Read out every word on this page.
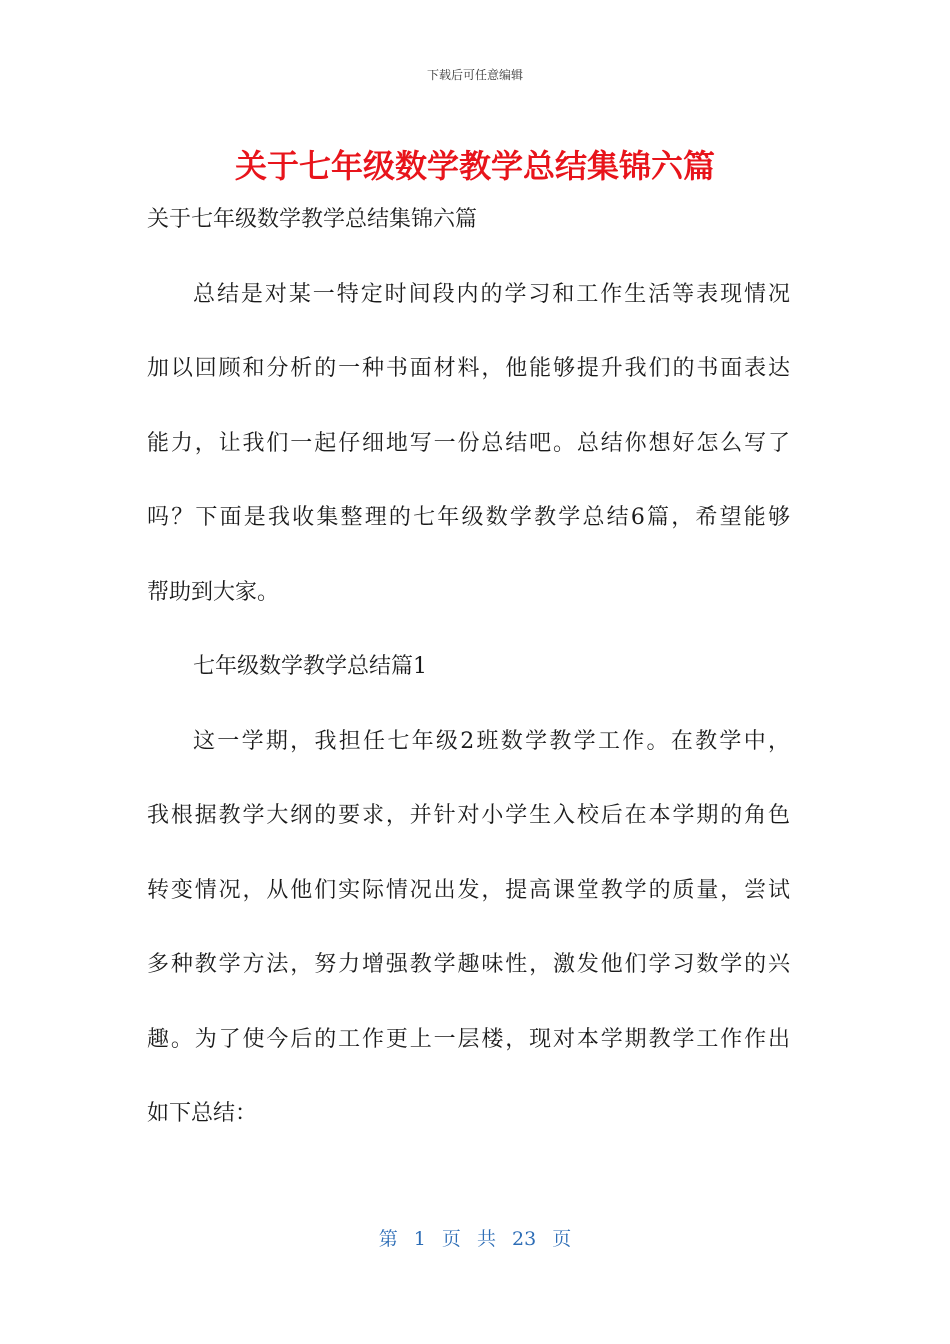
下载后可任意编辑
关于七年级数学教学总结集锦六篇
关于七年级数学教学总结集锦六篇
总结是对某一特定时间段内的学习和工作生活等表现情况
加以回顾和分析的一种书面材料，他能够提升我们的书面表达
能力，让我们一起仔细地写一份总结吧。总结你想好怎么写了
吗？下面是我收集整理的七年级数学教学总结6篇，希望能够
帮助到大家。
七年级数学教学总结篇1
这一学期，我担任七年级2班数学教学工作。在教学中，
我根据教学大纲的要求，并针对小学生入校后在本学期的角色
转变情况，从他们实际情况出发，提高课堂教学的质量，尝试
多种教学方法，努力增强教学趣味性，激发他们学习数学的兴
趣。为了使今后的工作更上一层楼，现对本学期教学工作作出
如下总结：
第 1 页 共 23 页
